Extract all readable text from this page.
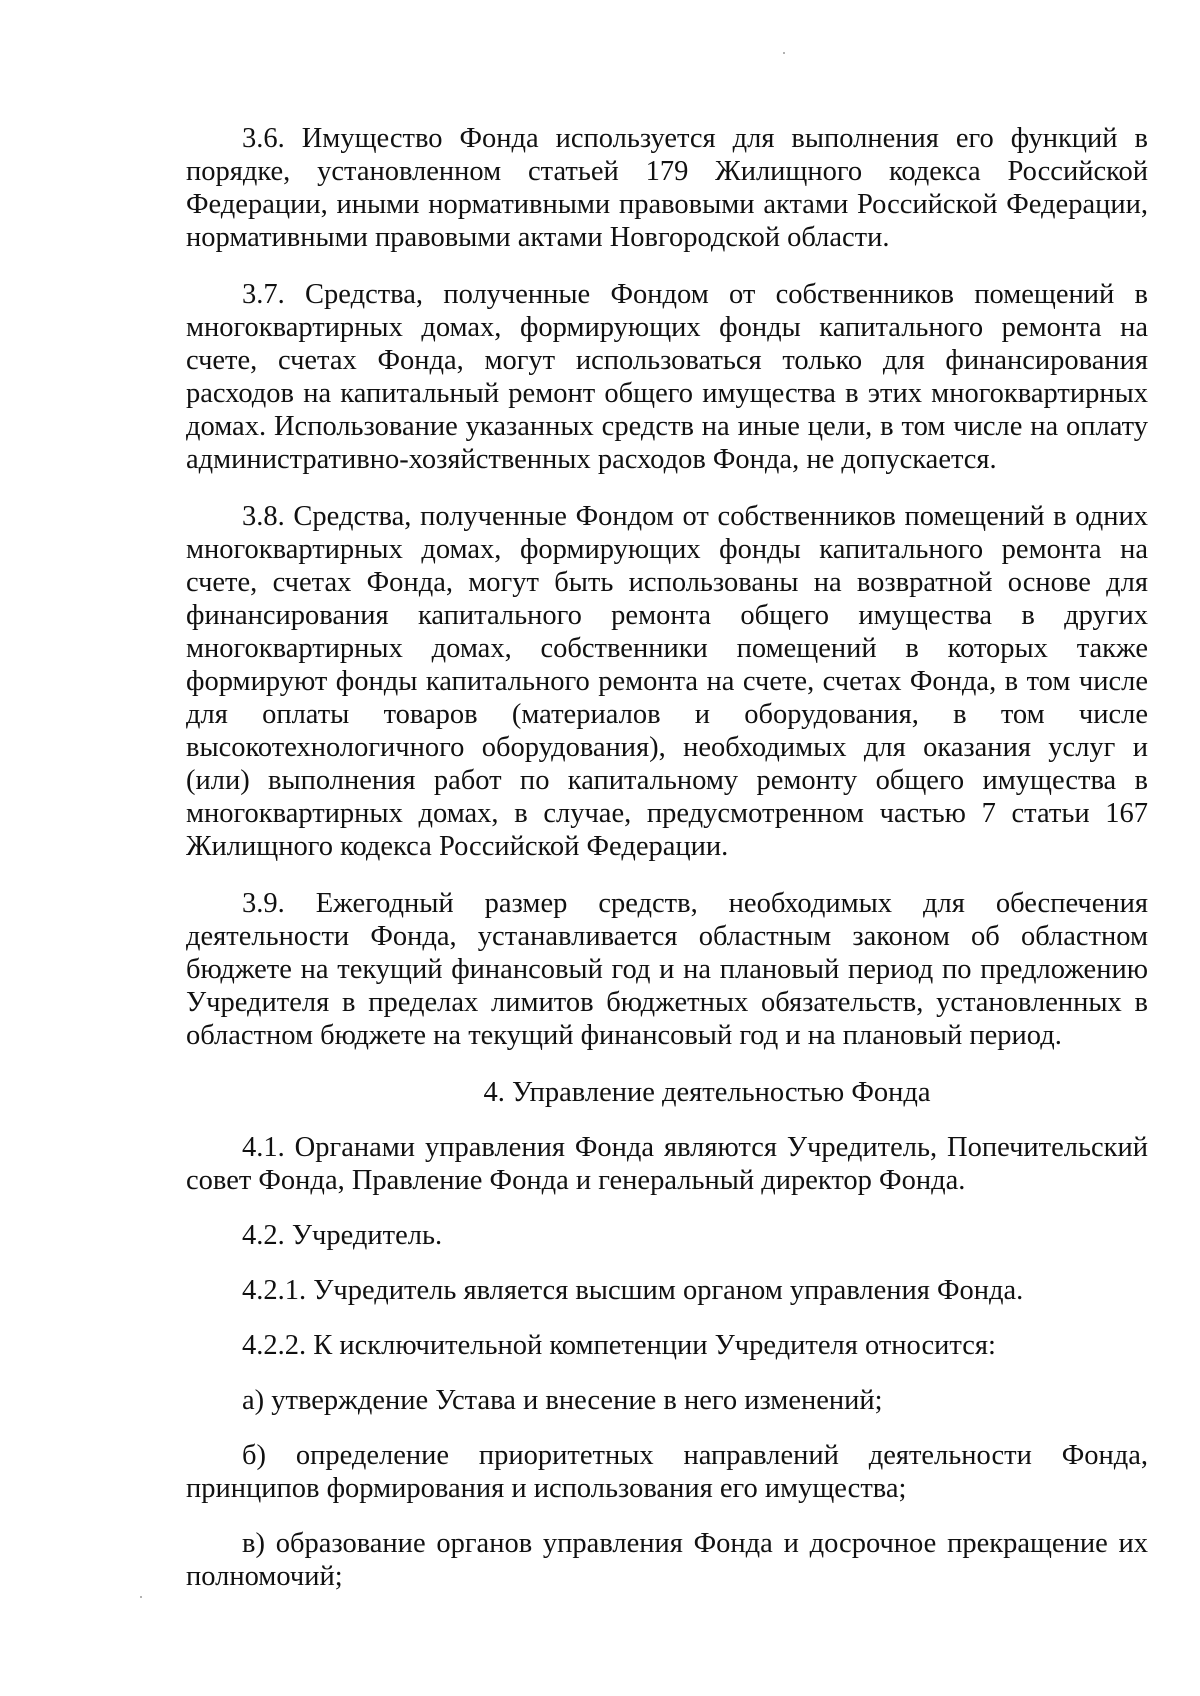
3.6. Имущество Фонда используется для выполнения его функций в порядке, установленном статьей 179 Жилищного кодекса Российской Федерации, иными нормативными правовыми актами Российской Федерации, нормативными правовыми актами Новгородской области.

3.7. Средства, полученные Фондом от собственников помещений в многоквартирных домах, формирующих фонды капитального ремонта на счете, счетах Фонда, могут использоваться только для финансирования расходов на капитальный ремонт общего имущества в этих многоквартирных домах. Использование указанных средств на иные цели, в том числе на оплату административно-хозяйственных расходов Фонда, не допускается.

3.8. Средства, полученные Фондом от собственников помещений в одних многоквартирных домах, формирующих фонды капитального ремонта на счете, счетах Фонда, могут быть использованы на возвратной основе для финансирования капитального ремонта общего имущества в других многоквартирных домах, собственники помещений в которых также формируют фонды капитального ремонта на счете, счетах Фонда, в том числе для оплаты товаров (материалов и оборудования, в том числе высокотехнологичного оборудования), необходимых для оказания услуг и (или) выполнения работ по капитальному ремонту общего имущества в многоквартирных домах, в случае, предусмотренном частью 7 статьи 167 Жилищного кодекса Российской Федерации.

3.9. Ежегодный размер средств, необходимых для обеспечения деятельности Фонда, устанавливается областным законом об областном бюджете на текущий финансовый год и на плановый период по предложению Учредителя в пределах лимитов бюджетных обязательств, установленных в областном бюджете на текущий финансовый год и на плановый период.

4. Управление деятельностью Фонда

4.1. Органами управления Фонда являются Учредитель, Попечительский совет Фонда, Правление Фонда и генеральный директор Фонда.

4.2. Учредитель.

4.2.1. Учредитель является высшим органом управления Фонда.

4.2.2. К исключительной компетенции Учредителя относится:

а) утверждение Устава и внесение в него изменений;

б) определение приоритетных направлений деятельности Фонда, принципов формирования и использования его имущества;

в) образование органов управления Фонда и досрочное прекращение их полномочий;
